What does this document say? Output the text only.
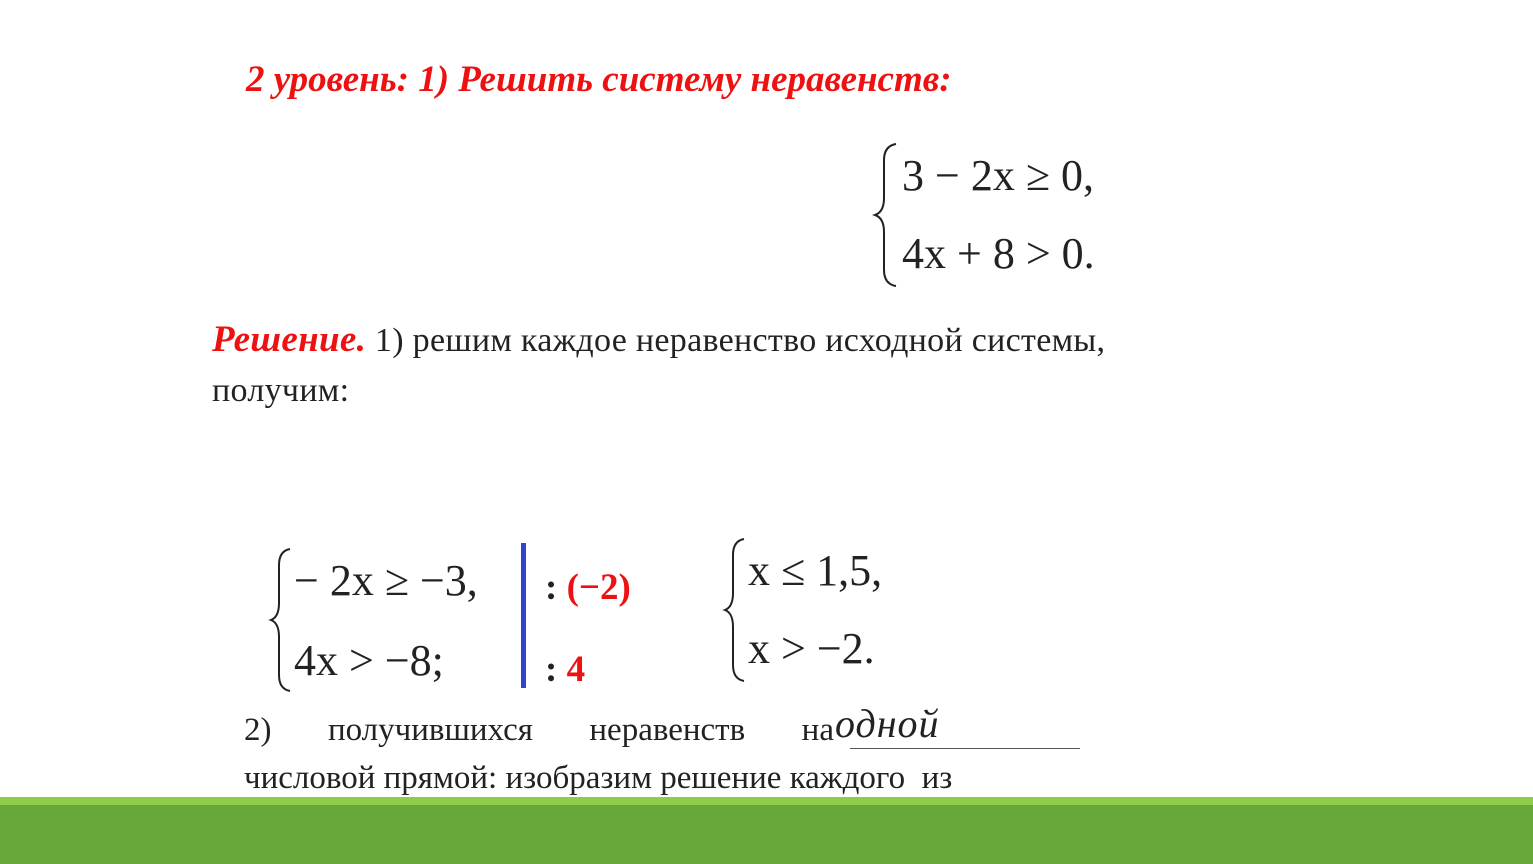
2 уровень: 1) Решить систему неравенств:
3 − 2x ≥ 0,
4x + 8 > 0.
Решение. 1) решим каждое неравенство исходной системы,
получим:
− 2x ≥ −3,
4x > −8;
: (−2)
: 4
x ≤ 1,5,
x > −2.
2) получившихся неравенств на одной
числовой прямой: изобразим решение каждого  из
